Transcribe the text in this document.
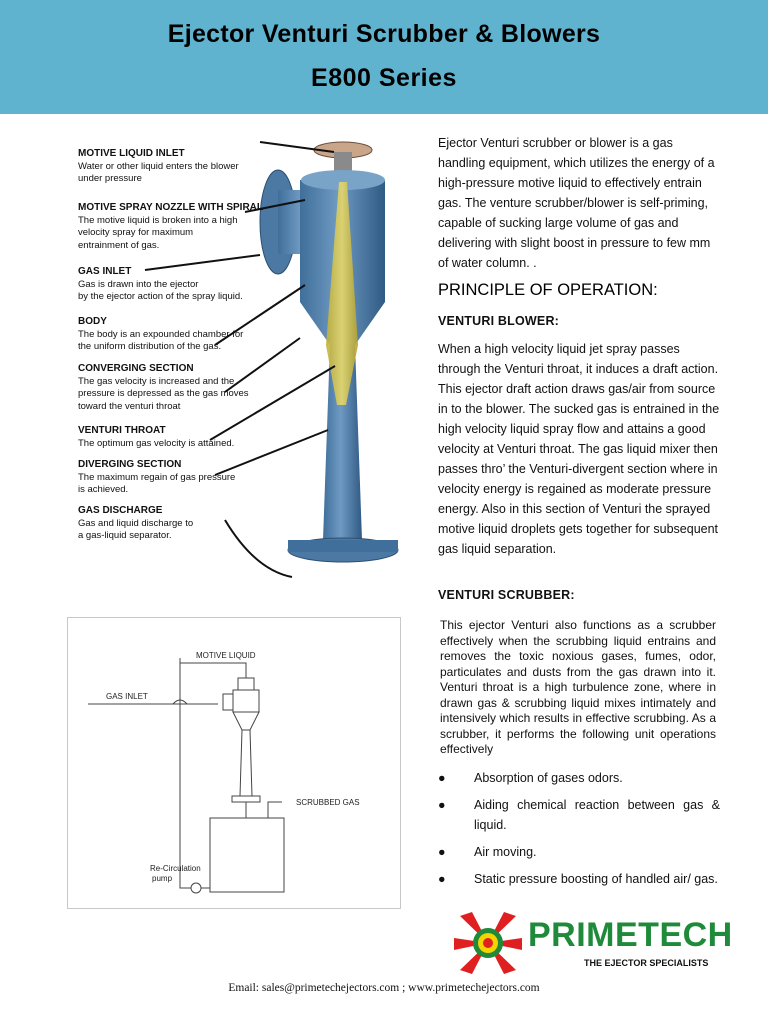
Ejector Venturi Scrubber & Blowers
E800 Series
MOTIVE LIQUID INLET
Water or other liquid enters the blower
under pressure
MOTIVE SPRAY NOZZLE WITH SPIRAL
The motive liquid is broken into a high
velocity spray for maximum
entrainment of gas.
GAS INLET
Gas is drawn into the ejector
by the ejector action of the spray liquid.
BODY
The body is an expounded chamber for
the uniform distribution of the gas.
CONVERGING SECTION
The gas velocity is increased and the
pressure is depressed as the gas moves
toward the venturi throat
VENTURI THROAT
The optimum gas velocity is attained.
DIVERGING SECTION
The maximum regain of gas pressure
is achieved.
GAS DISCHARGE
Gas and liquid discharge to
a gas-liquid separator.
MOTIVE LIQUID
GAS INLET
SCRUBBED GAS
Re-Circulation
pump
Ejector Venturi scrubber or blower is a gas handling equipment, which utilizes the energy of a high-pressure motive liquid to effectively entrain gas. The venture scrubber/blower is self-priming, capable of sucking large volume of gas and delivering with slight boost in pressure to few mm of water column. .
PRINCIPLE OF OPERATION:
VENTURI BLOWER:
When a high velocity liquid jet spray passes through the Venturi throat, it induces a draft action. This ejector draft action draws gas/air from source in to the blower. The sucked gas is entrained in the high velocity liquid spray flow and attains a good velocity at Venturi throat. The gas liquid mixer then passes thro’ the Venturi-divergent section where in velocity energy is regained as moderate pressure energy. Also in this section of Venturi the sprayed motive liquid droplets gets together for subsequent gas liquid separation.
VENTURI SCRUBBER:
This ejector Venturi also functions as a scrubber effectively when the scrubbing liquid entrains and removes the toxic noxious gases, fumes, odor, particulates and dusts from the gas drawn into it. Venturi throat is a high turbulence zone, where in drawn gas & scrubbing liquid mixes intimately and intensively which results in effective scrubbing. As a scrubber, it performs the following unit operations effectively
● Absorption of gases odors.
● Aiding chemical reaction between gas & liquid.
● Air moving.
● Static pressure boosting of handled air/ gas.
PRIMETECH
THE EJECTOR SPECIALISTS
Email: sales@primetechejectors.com ; www.primetechejectors.com
